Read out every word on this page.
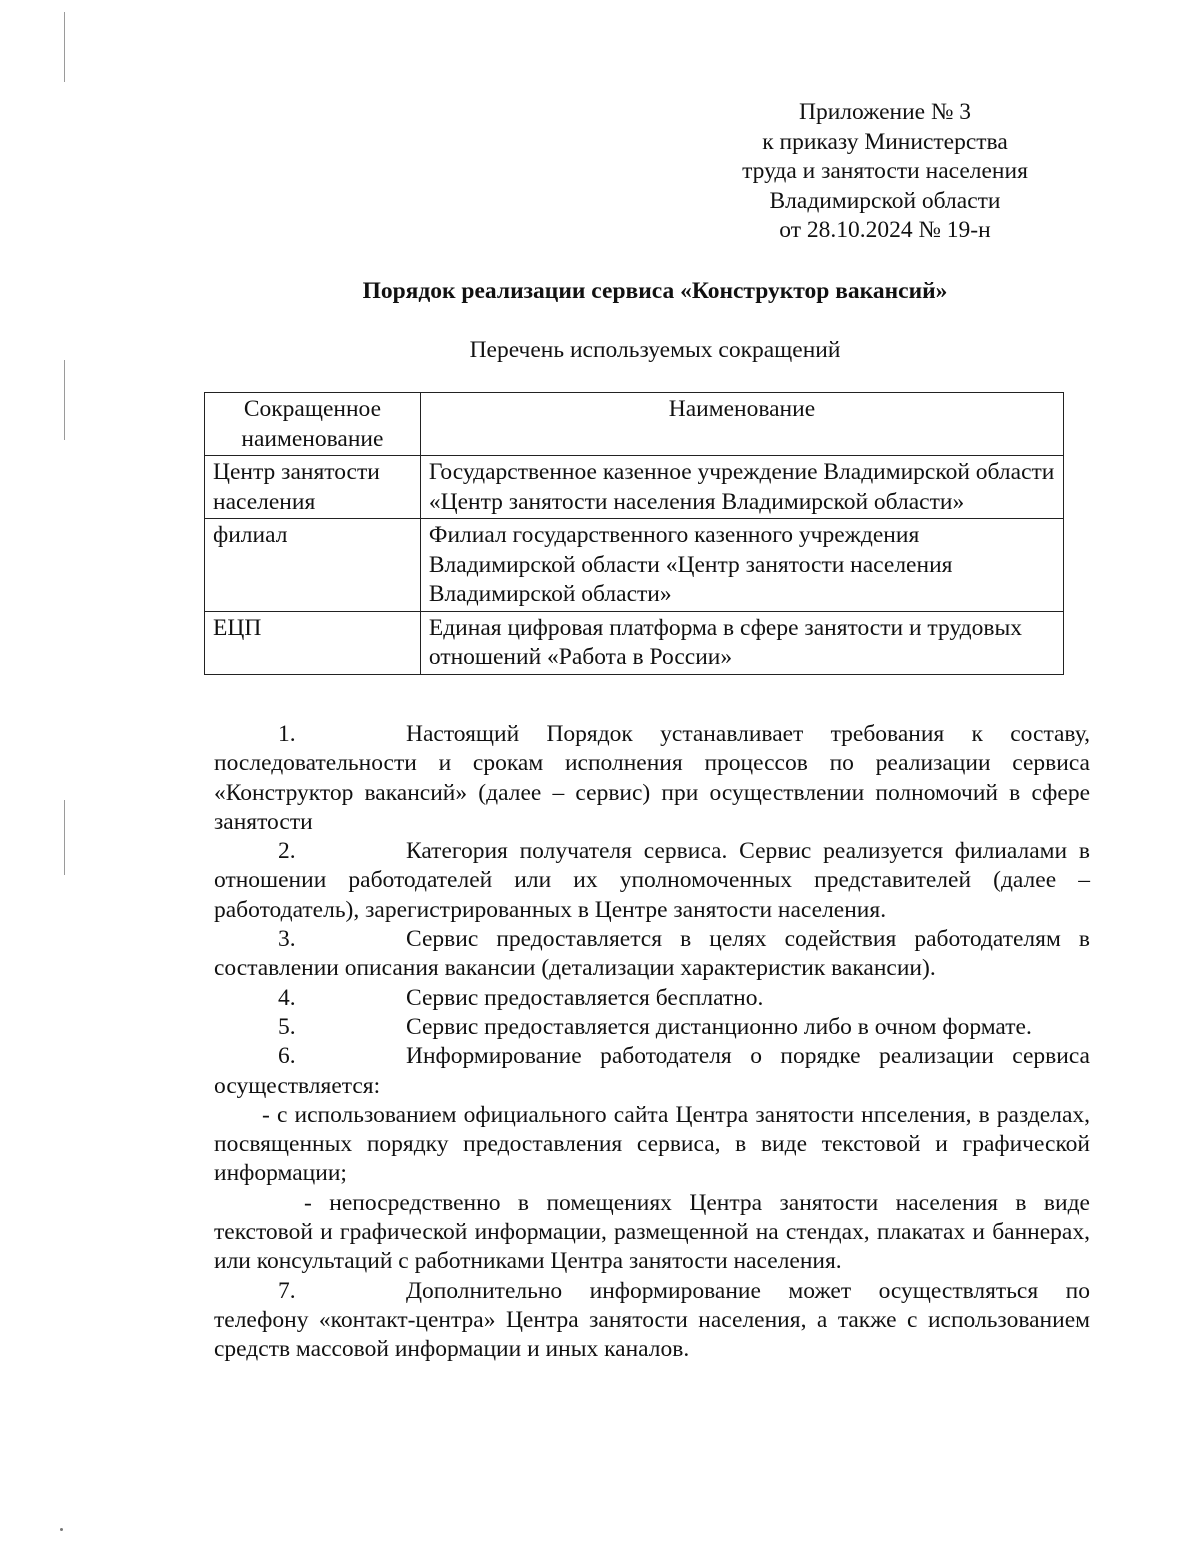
Приложение № 3
к приказу Министерства
труда и занятости населения
Владимирской области
от 28.10.2024 № 19-н
Порядок реализации сервиса «Конструктор вакансий»
Перечень используемых сокращений
Сокращенное наименование	Наименование
Центр занятости населения	Государственное казенное учреждение Владимирской области «Центр занятости населения Владимирской области»
филиал	Филиал государственного казенного учреждения Владимирской области «Центр занятости населения Владимирской области»
ЕЦП	Единая цифровая платформа в сфере занятости и трудовых отношений «Работа в России»

1.	Настоящий Порядок устанавливает требования к составу, последовательности и срокам исполнения процессов по реализации сервиса «Конструктор вакансий» (далее – сервис) при осуществлении полномочий в сфере занятости

2.	Категория получателя сервиса. Сервис реализуется филиалами в отношении работодателей или их уполномоченных представителей (далее – работодатель), зарегистрированных в Центре занятости населения.

3.	Сервис предоставляется в целях содействия работодателям в составлении описания вакансии (детализации характеристик вакансии).

4.	Сервис предоставляется бесплатно.

5.	Сервис предоставляется дистанционно либо в очном формате.

6.	Информирование работодателя о порядке реализации сервиса осуществляется:

- с использованием официального сайта Центра занятости нпселения, в разделах, посвященных порядку предоставления сервиса, в виде текстовой и графической информации;

- непосредственно в помещениях Центра занятости населения в виде текстовой и графической информации, размещенной на стендах, плакатах и баннерах, или консультаций с работниками Центра занятости населения.

7.	Дополнительно информирование может осуществляться по телефону «контакт-центра» Центра занятости населения, а также с использованием средств массовой информации и иных каналов.
